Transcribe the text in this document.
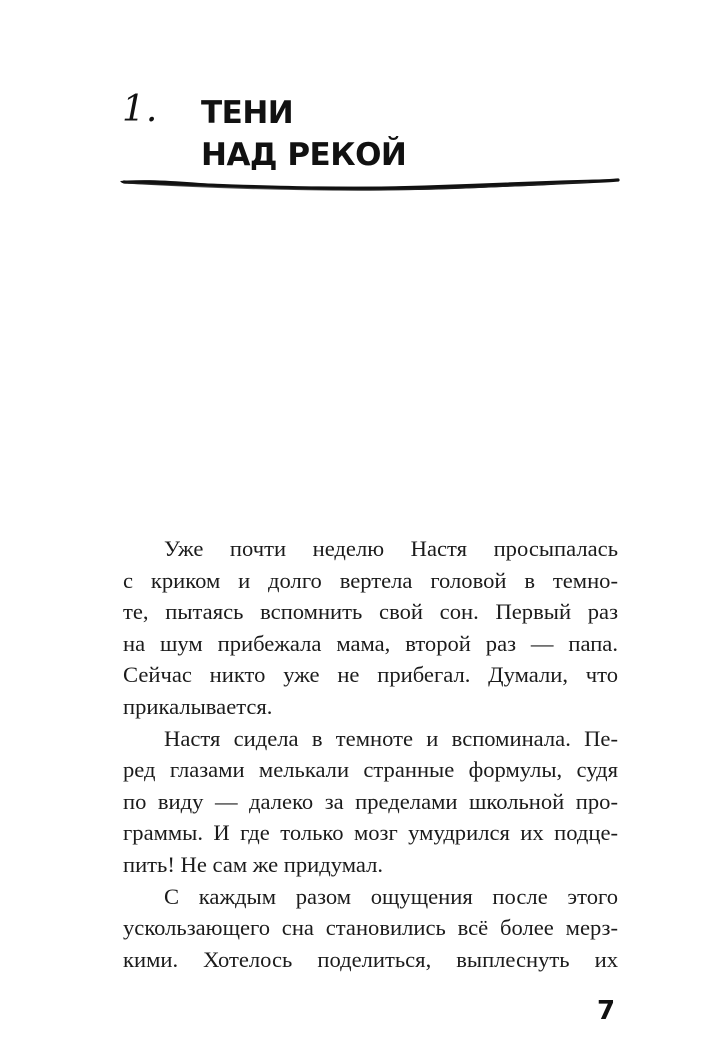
1. ТЕНИ
НАД РЕКОЙ

Уже почти неделю Настя просыпалась
с криком и долго вертела головой в темно-
те, пытаясь вспомнить свой сон. Первый раз
на шум прибежала мама, второй раз — папа.
Сейчас никто уже не прибегал. Думали, что
прикалывается.

Настя сидела в темноте и вспоминала. Пе-
ред глазами мелькали странные формулы, судя
по виду — далеко за пределами школьной про-
граммы. И где только мозг умудрился их подце-
пить! Не сам же придумал.

С каждым разом ощущения после этого
ускользающего сна становились всё более мерз-
кими. Хотелось поделиться, выплеснуть их

7
